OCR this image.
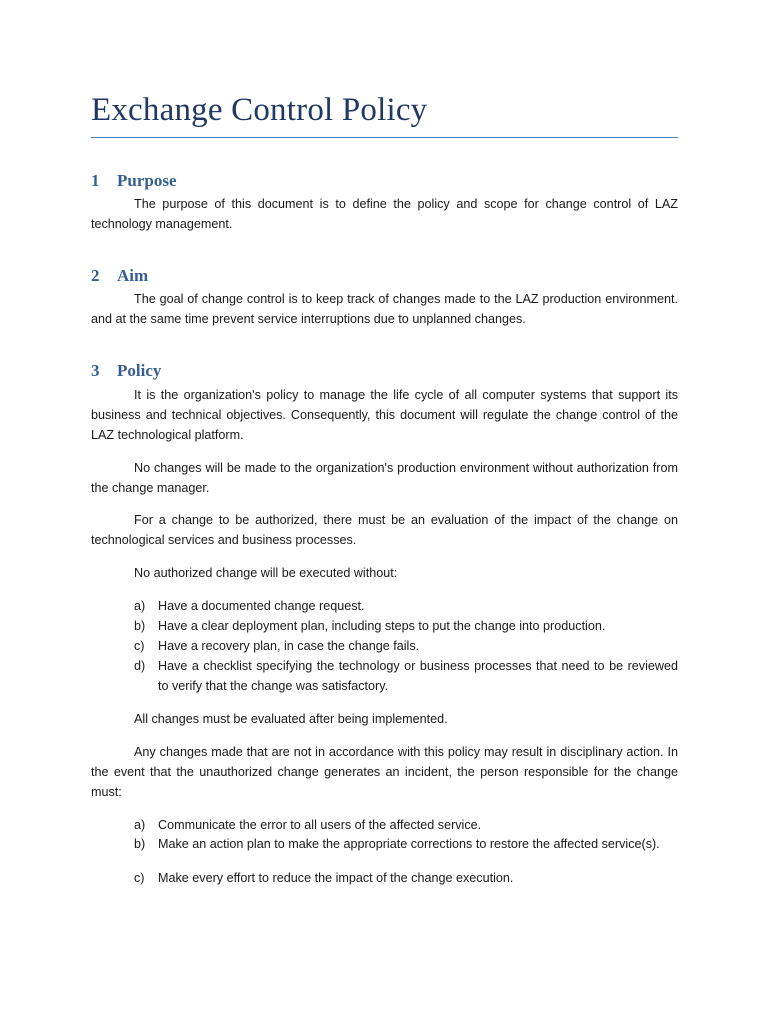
Exchange Control Policy
1 Purpose

The purpose of this document is to define the policy and scope for change control of LAZ technology management.

2 Aim

The goal of change control is to keep track of changes made to the LAZ production environment. and at the same time prevent service interruptions due to unplanned changes.

3 Policy

It is the organization's policy to manage the life cycle of all computer systems that support its business and technical objectives. Consequently, this document will regulate the change control of the LAZ technological platform.

No changes will be made to the organization's production environment without authorization from the change manager.

For a change to be authorized, there must be an evaluation of the impact of the change on technological services and business processes.

No authorized change will be executed without:

a)	Have a documented change request.
b)	Have a clear deployment plan, including steps to put the change into production.
c)	Have a recovery plan, in case the change fails.
d)	Have a checklist specifying the technology or business processes that need to be reviewed to verify that the change was satisfactory.

All changes must be evaluated after being implemented.

Any changes made that are not in accordance with this policy may result in disciplinary action. In the event that the unauthorized change generates an incident, the person responsible for the change must:

a)	Communicate the error to all users of the affected service.
b)	Make an action plan to make the appropriate corrections to restore the affected service(s).
c)	Make every effort to reduce the impact of the change execution.
